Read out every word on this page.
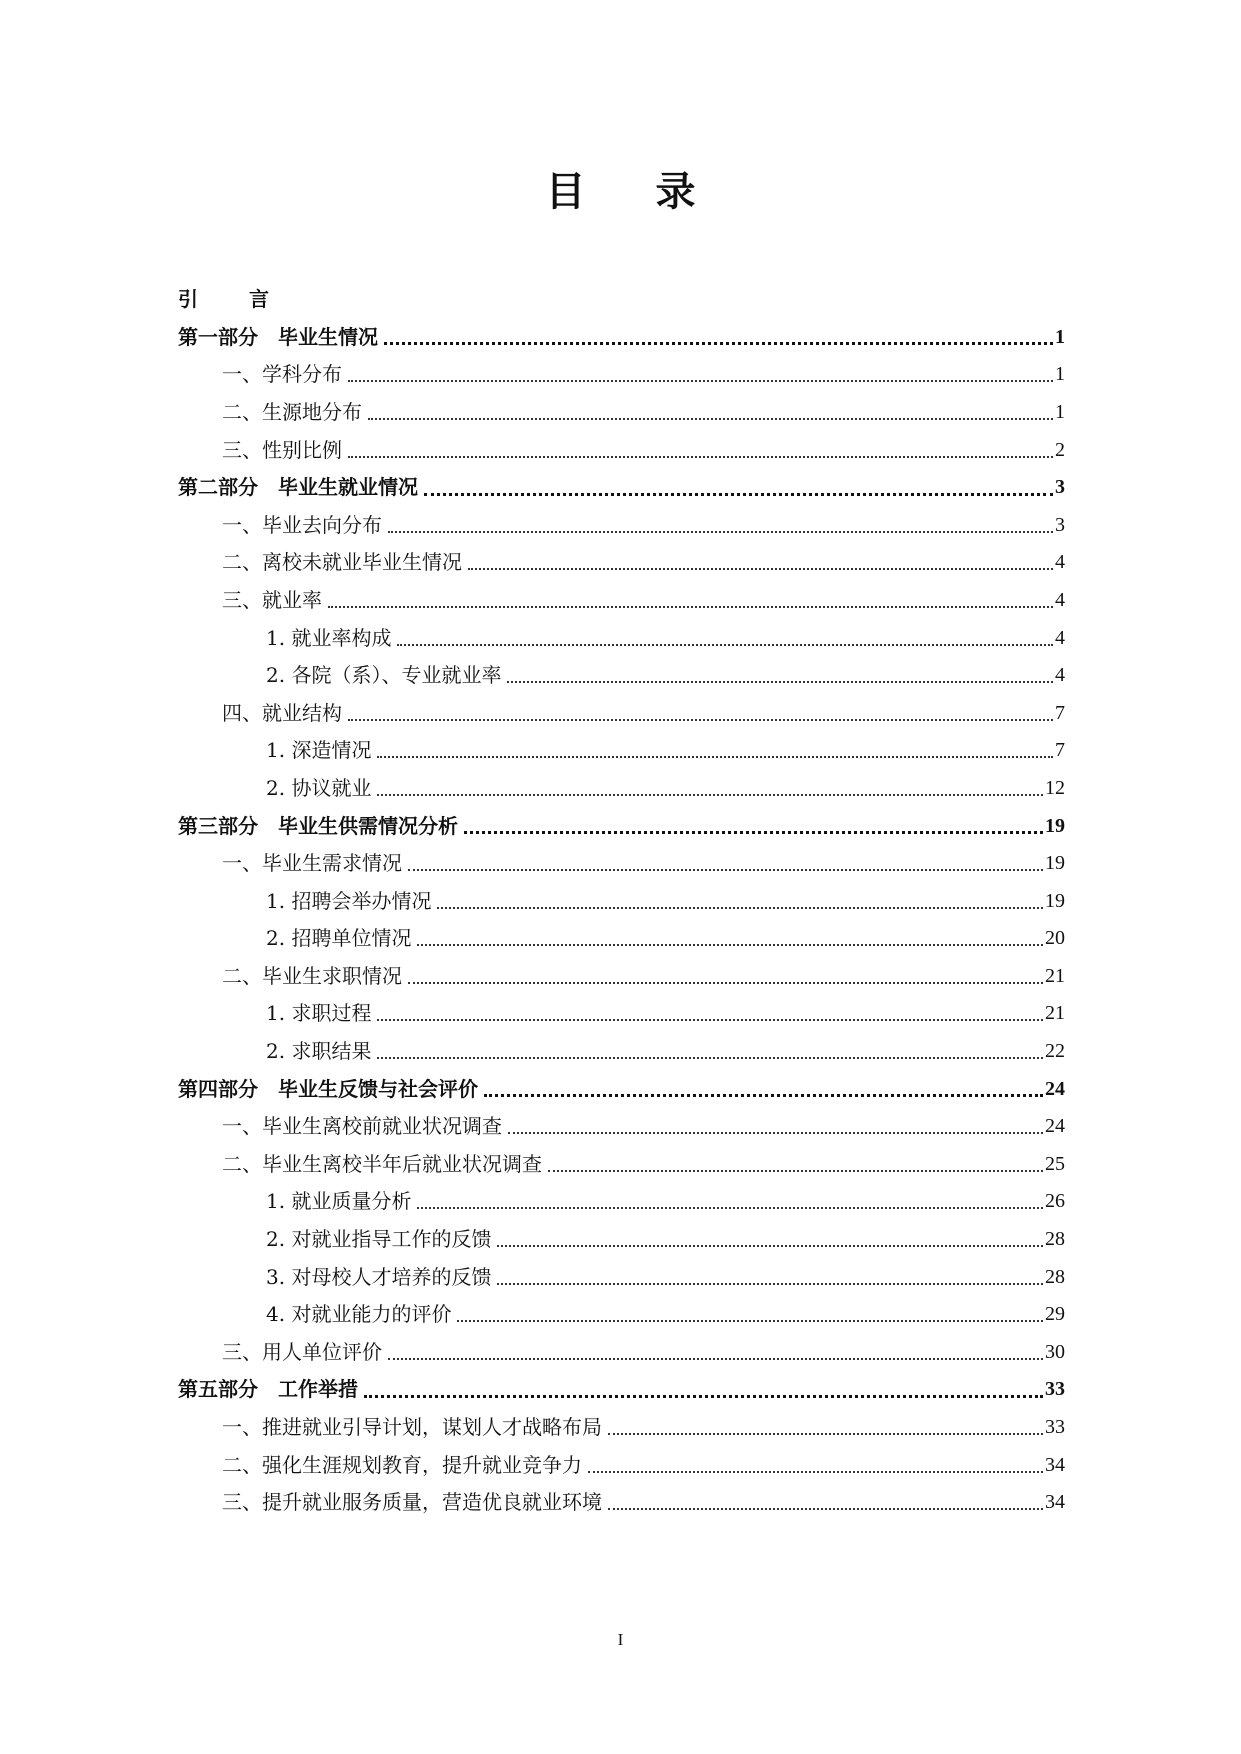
目 录
引 言
第一部分　毕业生情况	1
一、学科分布	1
二、生源地分布	1
三、性别比例	2
第二部分　毕业生就业情况	3
一、毕业去向分布	3
二、离校未就业毕业生情况	4
三、就业率	4
1. 就业率构成	4
2. 各院（系）、专业就业率	4
四、就业结构	7
1. 深造情况	7
2. 协议就业	12
第三部分　毕业生供需情况分析	19
一、毕业生需求情况	19
1. 招聘会举办情况	19
2. 招聘单位情况	20
二、毕业生求职情况	21
1. 求职过程	21
2. 求职结果	22
第四部分　毕业生反馈与社会评价	24
一、毕业生离校前就业状况调查	24
二、毕业生离校半年后就业状况调查	25
1. 就业质量分析	26
2. 对就业指导工作的反馈	28
3. 对母校人才培养的反馈	28
4. 对就业能力的评价	29
三、用人单位评价	30
第五部分　工作举措	33
一、推进就业引导计划，谋划人才战略布局	33
二、强化生涯规划教育，提升就业竞争力	34
三、提升就业服务质量，营造优良就业环境	34
I
